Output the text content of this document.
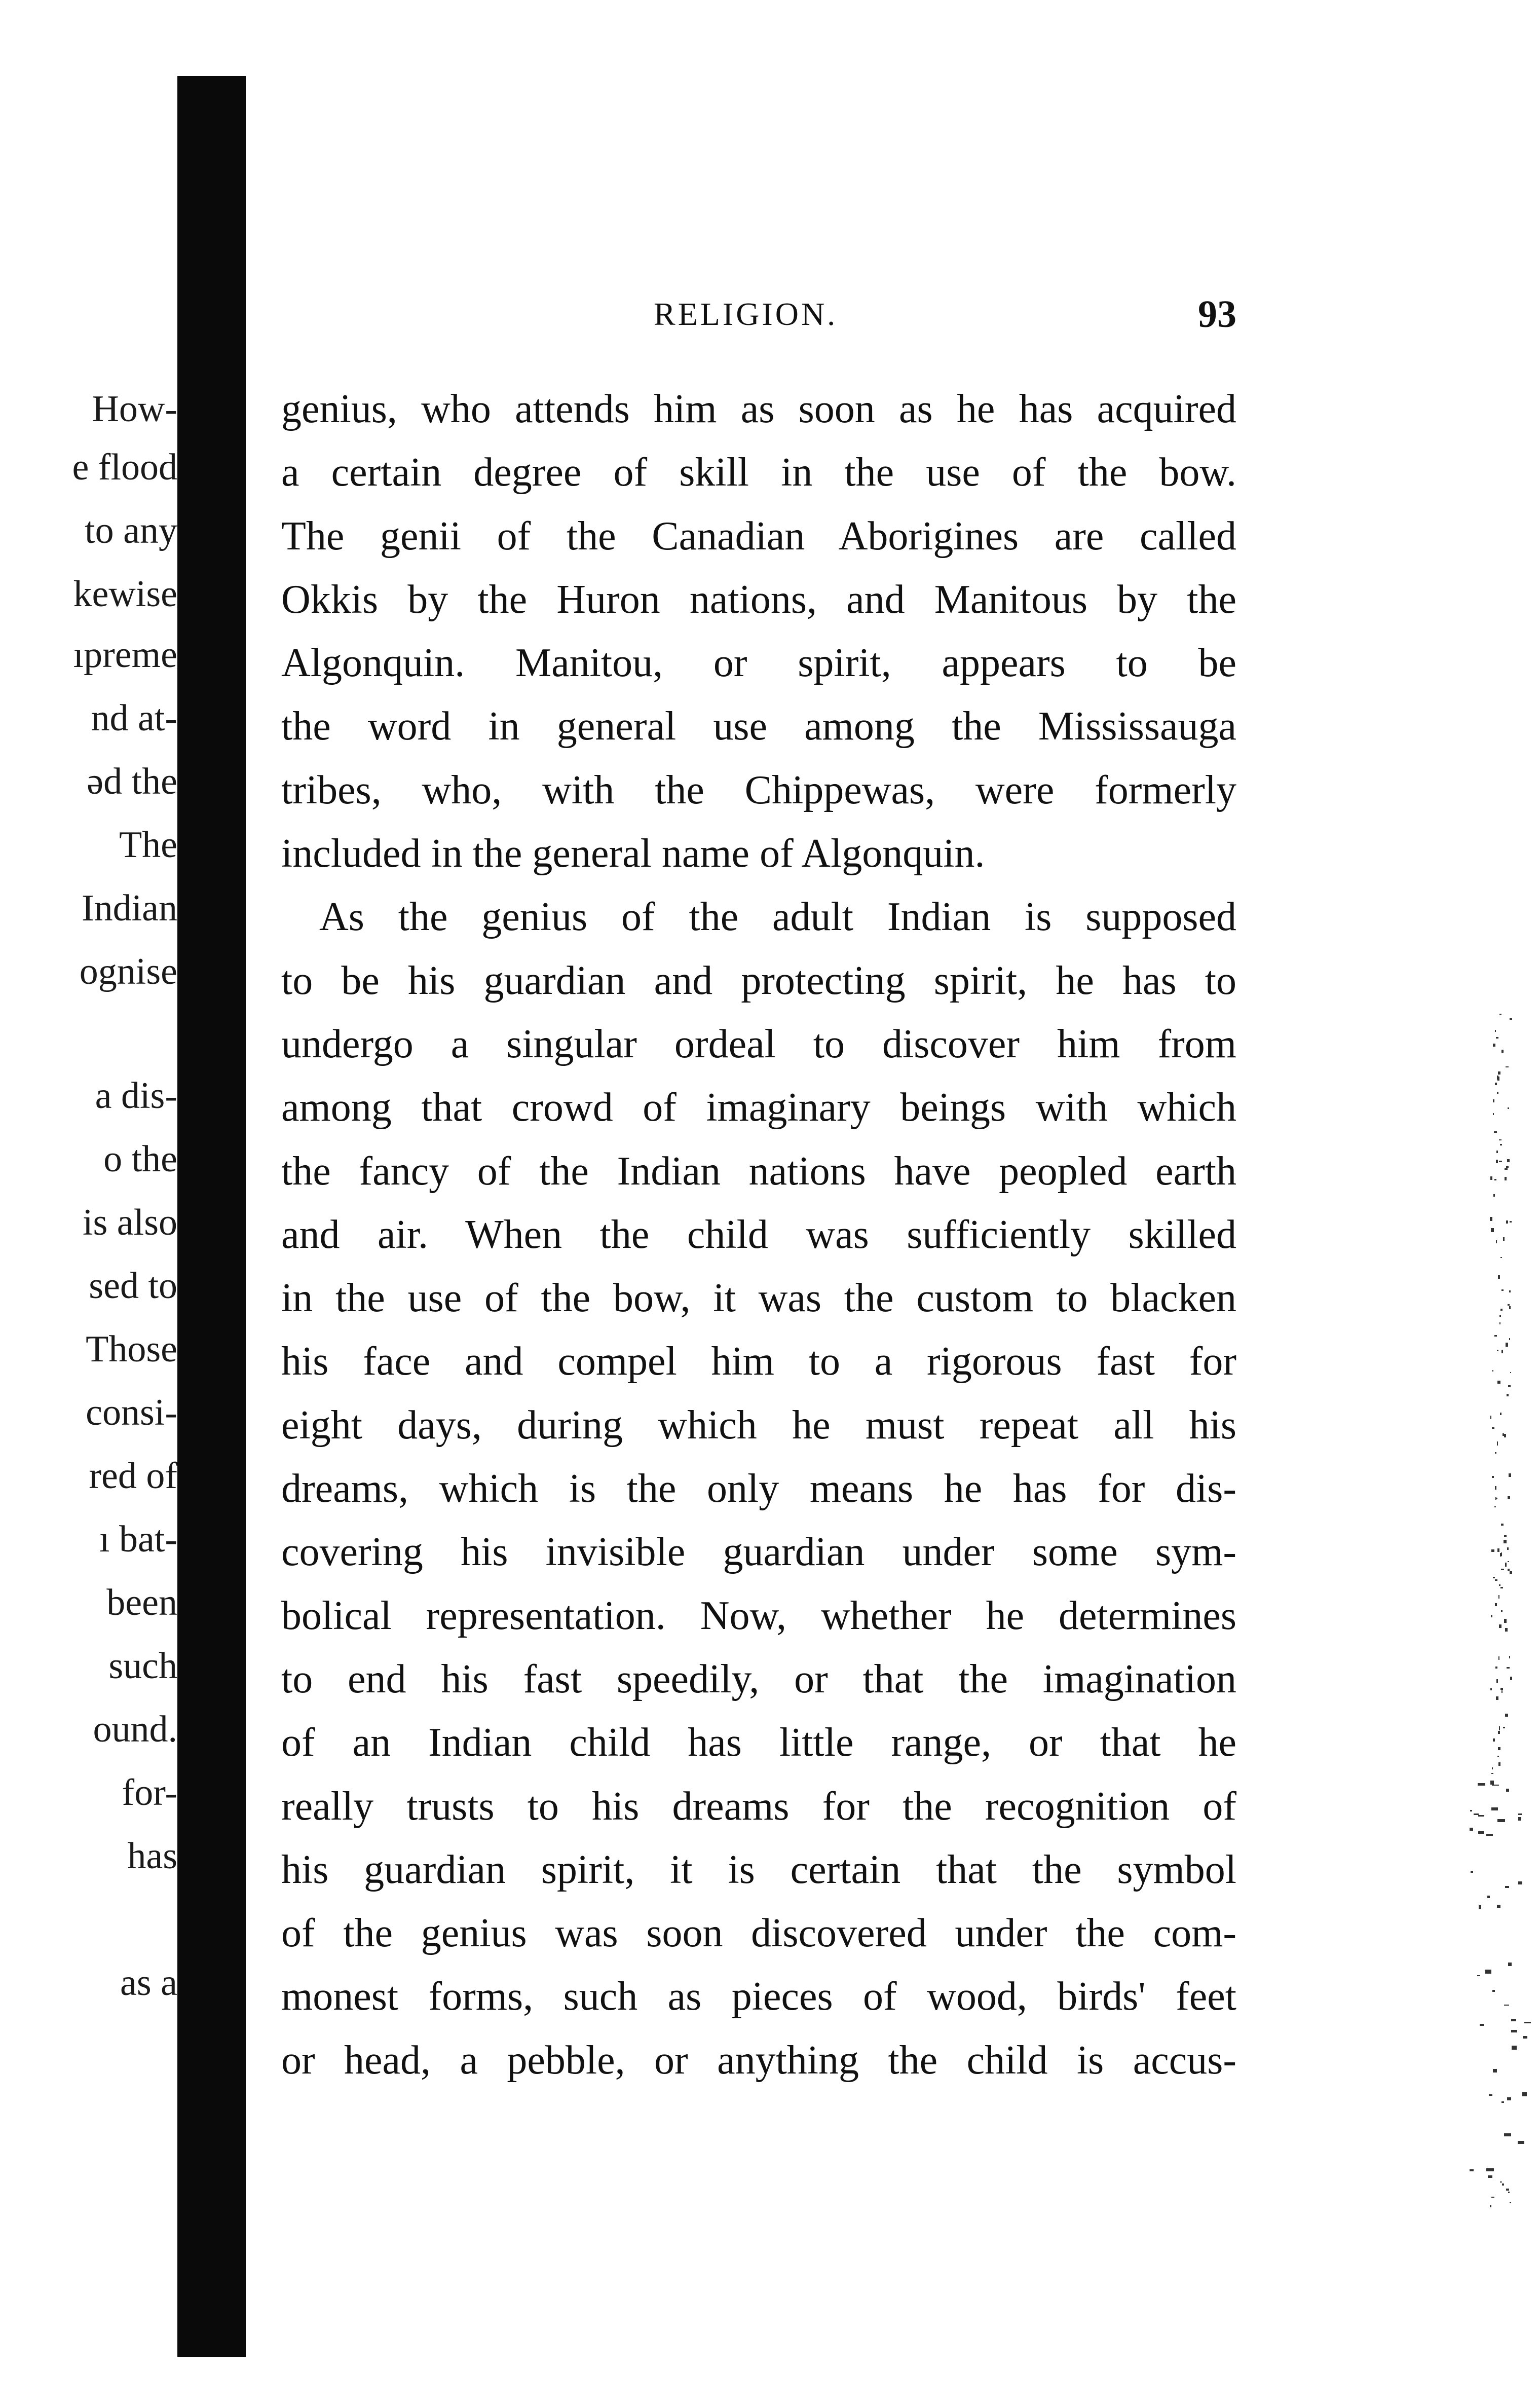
How-
e flood
to any
kewise
ıpreme
nd at-
əd the
The
Indian
ognise
a dis-
o the
is also
sed to
Those
consi-
red of
ı bat-
been
such
ound.
for-
has
as a
RELIGION.	93
genius, who attends him as soon as he has acquired
a certain degree of skill in the use of the bow.
The genii of the Canadian Aborigines are called
Okkis by the Huron nations, and Manitous by the
Algonquin. Manitou, or spirit, appears to be
the word in general use among the Mississauga
tribes, who, with the Chippewas, were formerly
included in the general name of Algonquin.
As the genius of the adult Indian is supposed
to be his guardian and protecting spirit, he has to
undergo a singular ordeal to discover him from
among that crowd of imaginary beings with which
the fancy of the Indian nations have peopled earth
and air. When the child was sufficiently skilled
in the use of the bow, it was the custom to blacken
his face and compel him to a rigorous fast for
eight days, during which he must repeat all his
dreams, which is the only means he has for dis-
covering his invisible guardian under some sym-
bolical representation. Now, whether he determines
to end his fast speedily, or that the imagination
of an Indian child has little range, or that he
really trusts to his dreams for the recognition of
his guardian spirit, it is certain that the symbol
of the genius was soon discovered under the com-
monest forms, such as pieces of wood, birds' feet
or head, a pebble, or anything the child is accus-
